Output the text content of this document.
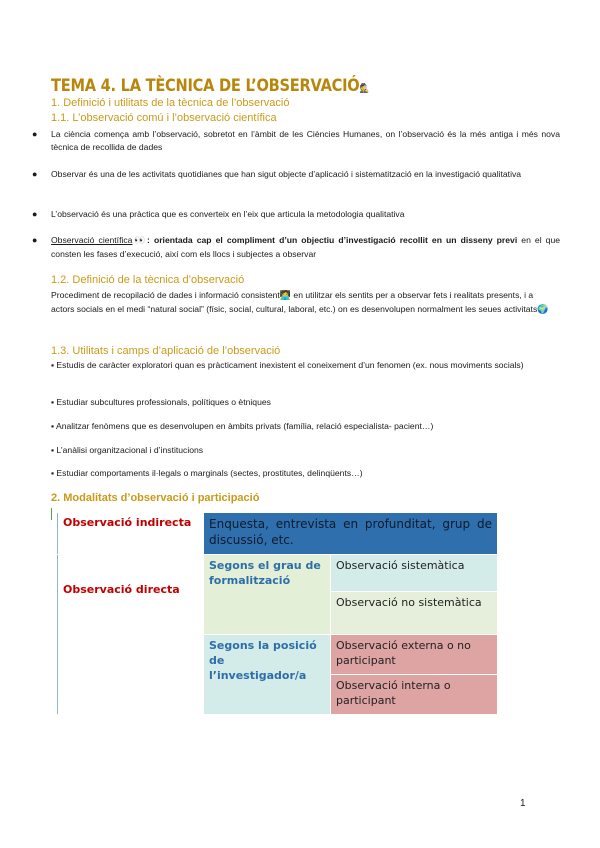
TEMA 4. LA TÈCNICA DE L’OBSERVACIÓ🕵
1. Definició i utilitats de la tècnica de l’observació
1.1. L’observació comú i l’observació científica
● La ciència comença amb l’observació, sobretot en l’àmbit de les Ciències Humanes, on l’observació és la més antiga i més nova tècnica de recollida de dades
● Observar és una de les activitats quotidianes que han sigut objecte d’aplicació i sistematització en la investigació qualitativa
● L’observació és una pràctica que es converteix en l’eix que articula la metodologia qualitativa
● Observació científica👀: orientada cap el compliment d’un objectiu d’investigació recollit en un disseny previ en el que consten les fases d’execució, així com els llocs i subjectes a observar
1.2. Definició de la tècnica d’observació
Procediment de recopilació de dades i informació consistent🧑‍💻 en utilitzar els sentits per a observar fets i realitats presents, i a actors socials en el medi “natural social” (físic, social, cultural, laboral, etc.) on es desenvolupen normalment les seues activitats🌍
1.3. Utilitats i camps d’aplicació de l’observació
▪ Estudis de caràcter exploratori quan es pràcticament inexistent el coneixement d’un fenomen (ex. nous moviments socials)
▪ Estudiar subcultures professionals, polítiques o ètniques
▪ Analitzar fenòmens que es desenvolupen en àmbits privats (família, relació especialista- pacient…)
▪ L’anàlisi organitzacional i d’institucions
▪ Estudiar comportaments il·legals o marginals (sectes, prostitutes, delinqüents…)
2. Modalitats d’observació i participació
Observació indirecta	Enquesta, entrevista en profunditat, grup de discussió, etc.	
Observació directa	Segons el grau de formalització	Observació sistemàtica
		Observació no sistemàtica
	Segons la posició de l’investigador/a	Observació externa o no participant
		Observació interna o participant
1
